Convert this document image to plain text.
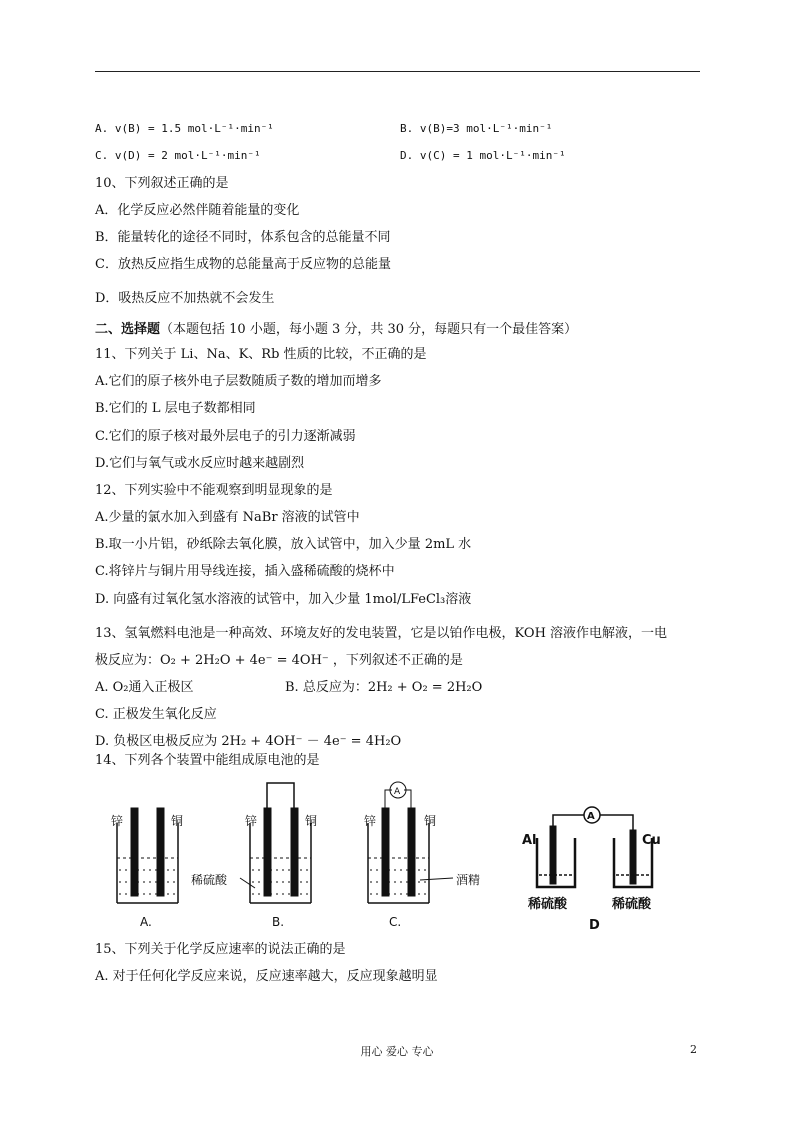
A. v(B) = 1.5 mol·L⁻¹·min⁻¹	B. v(B)=3 mol·L⁻¹·min⁻¹
C. v(D) = 2 mol·L⁻¹·min⁻¹	D. v(C) = 1 mol·L⁻¹·min⁻¹
10、下列叙述正确的是
A．化学反应必然伴随着能量的变化
B．能量转化的途径不同时，体系包含的总能量不同
C．放热反应指生成物的总能量高于反应物的总能量
D．吸热反应不加热就不会发生
二、选择题（本题包括 10 小题，每小题 3 分，共 30 分，每题只有一个最佳答案）
11、下列关于 Li、Na、K、Rb 性质的比较，不正确的是
A.它们的原子核外电子层数随质子数的增加而增多
B.它们的 L 层电子数都相同
C.它们的原子核对最外层电子的引力逐渐减弱
D.它们与氧气或水反应时越来越剧烈
12、下列实验中不能观察到明显现象的是
A.少量的氯水加入到盛有 NaBr 溶液的试管中
B.取一小片铝，砂纸除去氧化膜，放入试管中，加入少量 2mL 水
C.将锌片与铜片用导线连接，插入盛稀硫酸的烧杯中
D. 向盛有过氧化氢水溶液的试管中，加入少量 1mol/LFeCl₃溶液
13、氢氧燃料电池是一种高效、环境友好的发电装置，它是以铂作电极，KOH 溶液作电解液，一电
极反应为：O₂ + 2H₂O + 4e⁻ = 4OH⁻ ，下列叙述不正确的是
A. O₂通入正极区	B. 总反应为：2H₂ + O₂ = 2H₂O
C. 正极发生氧化反应
D. 负极区电极反应为 2H₂ + 4OH⁻ － 4e⁻ = 4H₂O
14、下列各个装置中能组成原电池的是
锌	铜
A.
锌	铜
稀硫酸
B.
A
锌	铜
酒精
C.
A
Al	Cu
稀硫酸	稀硫酸
D
15、下列关于化学反应速率的说法正确的是
A. 对于任何化学反应来说，反应速率越大，反应现象越明显
用心 爱心 专心	2
